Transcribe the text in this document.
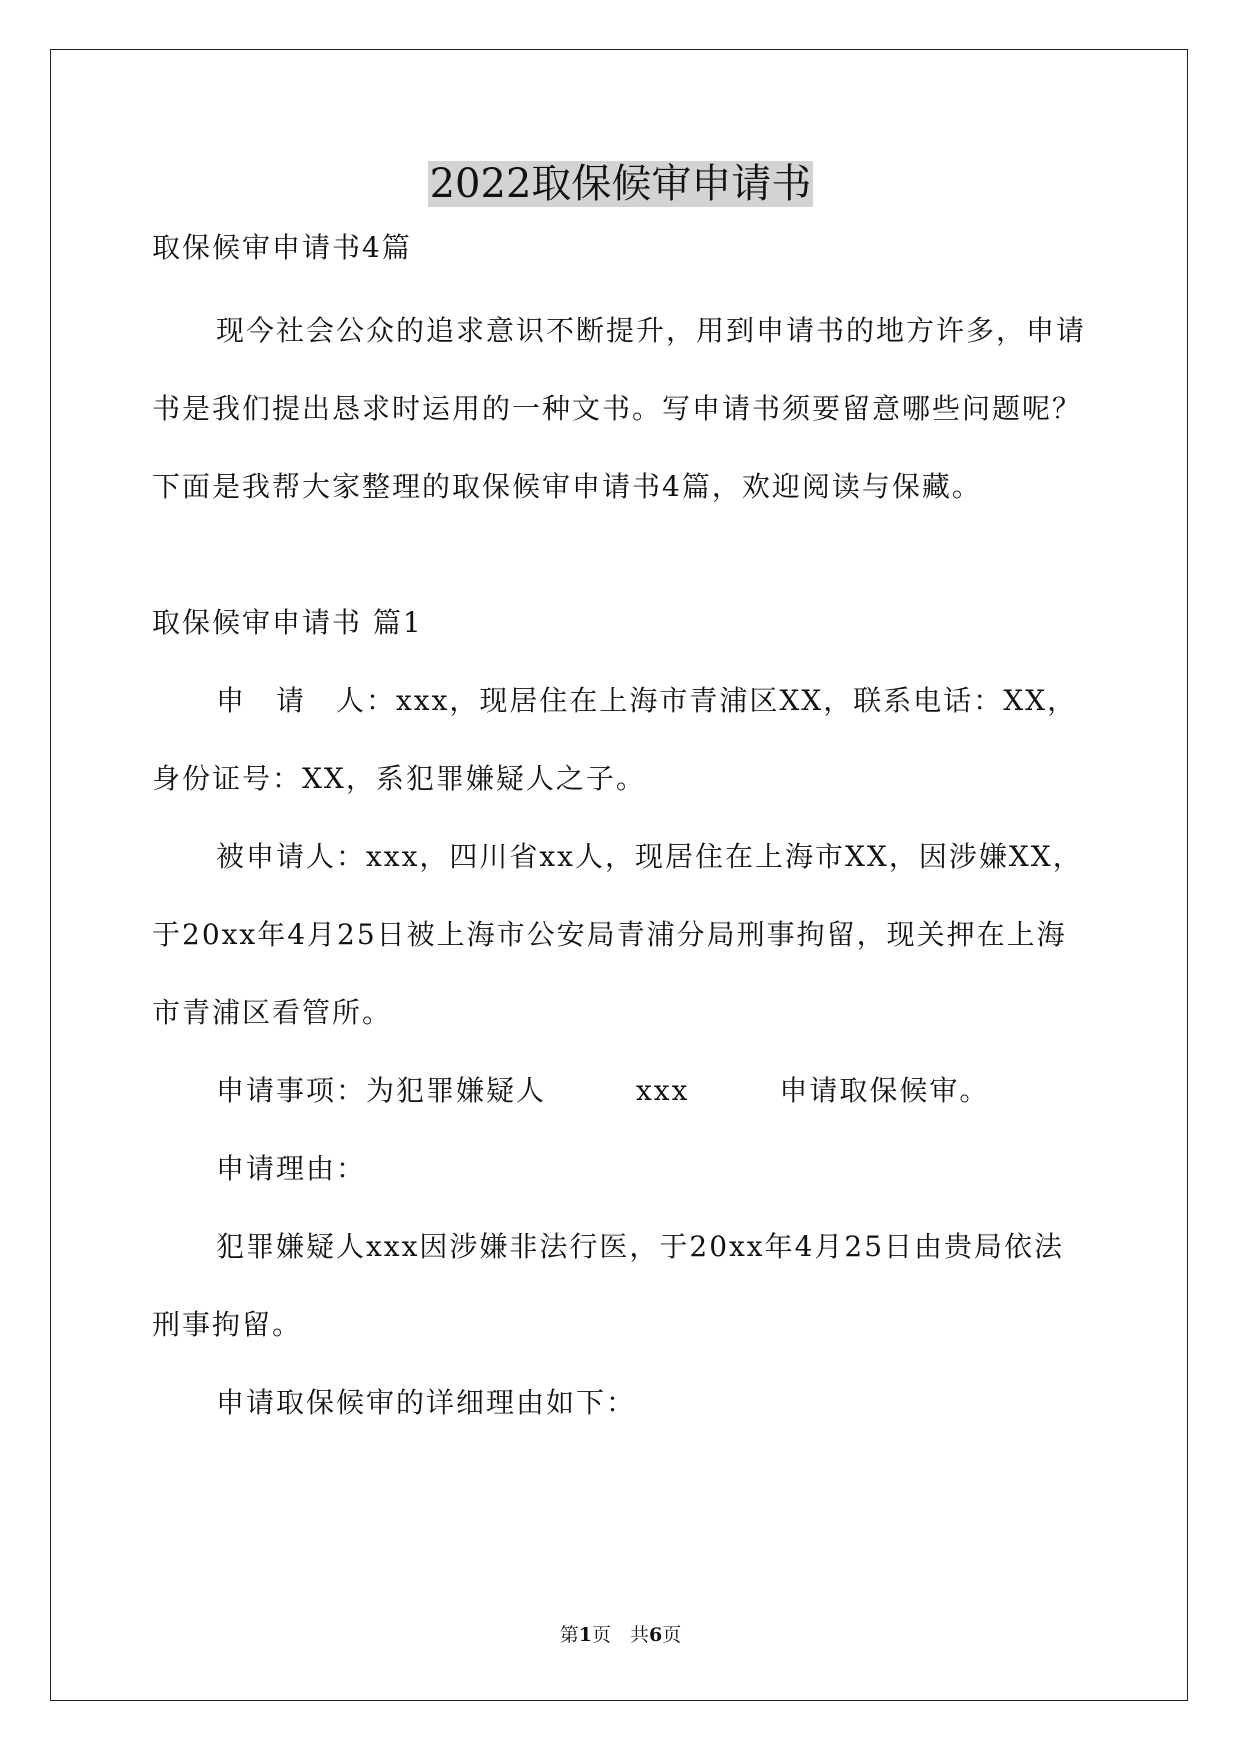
2022取保候审申请书

取保候审申请书4篇

现今社会公众的追求意识不断提升，用到申请书的地方许多，申请书是我们提出恳求时运用的一种文书。写申请书须要留意哪些问题呢？下面是我帮大家整理的取保候审申请书4篇，欢迎阅读与保藏。

取保候审申请书 篇1

申　请　人：xxx，现居住在上海市青浦区XX，联系电话：XX，身份证号：XX，系犯罪嫌疑人之子。

被申请人：xxx，四川省xx人，现居住在上海市XX，因涉嫌XX，于20xx年4月25日被上海市公安局青浦分局刑事拘留，现关押在上海市青浦区看管所。

申请事项：为犯罪嫌疑人　　　xxx　　　申请取保候审。

申请理由：

犯罪嫌疑人xxx因涉嫌非法行医，于20xx年4月25日由贵局依法刑事拘留。

申请取保候审的详细理由如下：

第1页　共6页
